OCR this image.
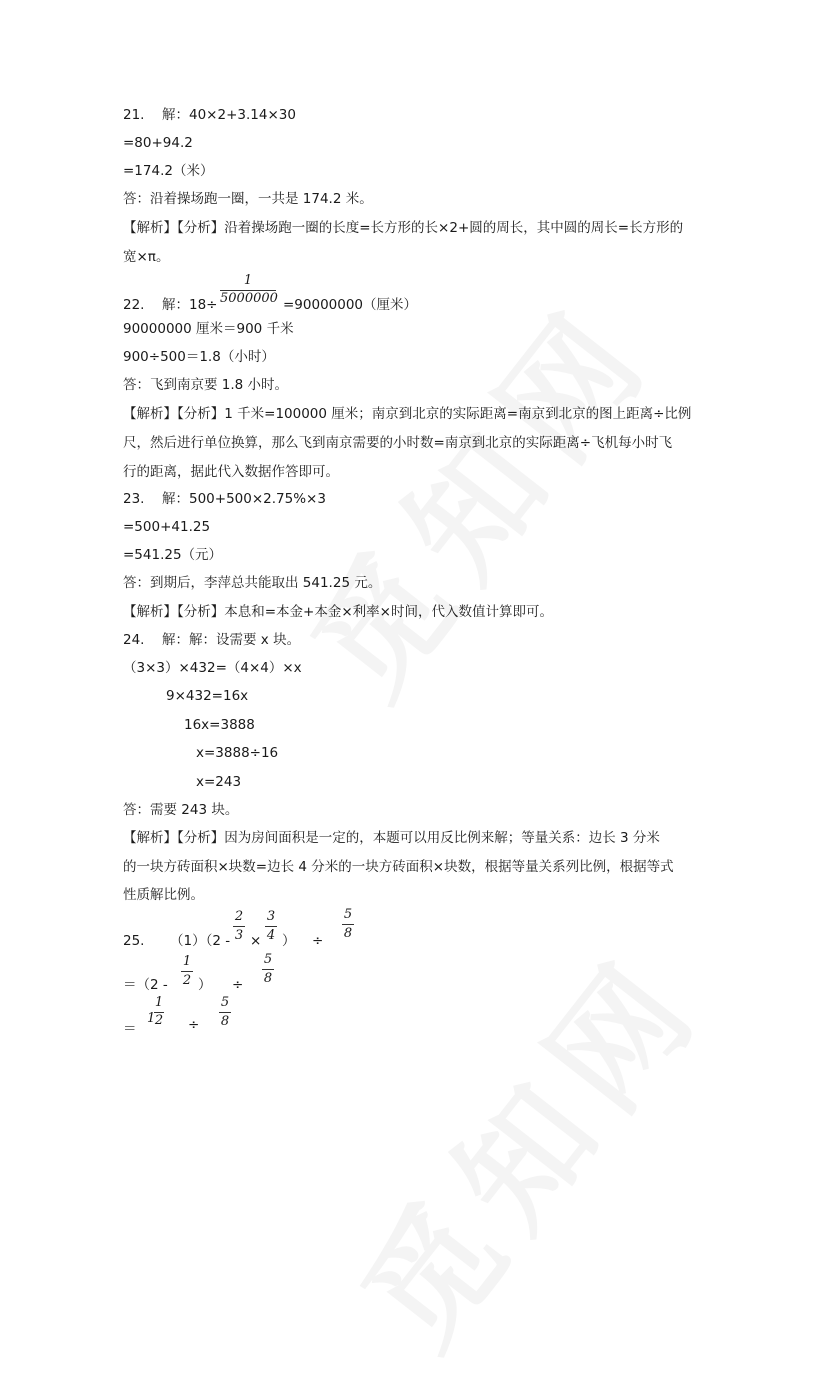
21. 解：40×2+3.14×30
=80+94.2
=174.2（米）
答：沿着操场跑一圈，一共是 174.2 米。
【解析】【分析】沿着操场跑一圈的长度=长方形的长×2+圆的周长，其中圆的周长=长方形的
宽×π。
22. 解：18÷
1
5000000 =90000000（厘米）
90000000 厘米＝900 千米
900÷500＝1.8（小时）
答：飞到南京要 1.8 小时。
【解析】【分析】1 千米=100000 厘米；南京到北京的实际距离=南京到北京的图上距离÷比例
尺，然后进行单位换算，那么飞到南京需要的小时数=南京到北京的实际距离÷飞机每小时飞
行的距离，据此代入数据作答即可。
23. 解：500+500×2.75%×3
=500+41.25
=541.25（元）
答：到期后，李萍总共能取出 541.25 元。
【解析】【分析】本息和=本金+本金×利率×时间，代入数值计算即可。
24. 解：解：设需要 x 块。
（3×3）×432=（4×4）×x
9×432=16x
16x=3888
x=3888÷16
x=243
答：需要 243 块。
【解析】【分析】因为房间面积是一定的，本题可以用反比例来解；等量关系：边长 3 分米
的一块方砖面积×块数=边长 4 分米的一块方砖面积×块数，根据等量关系列比例，根据等式
性质解比例。
25. （1）（2 -
2
3 ×
3
4 ） ÷
5
8
＝（2 -
1
2 ） ÷
5
8
＝
1
1
2 ÷
5
8
